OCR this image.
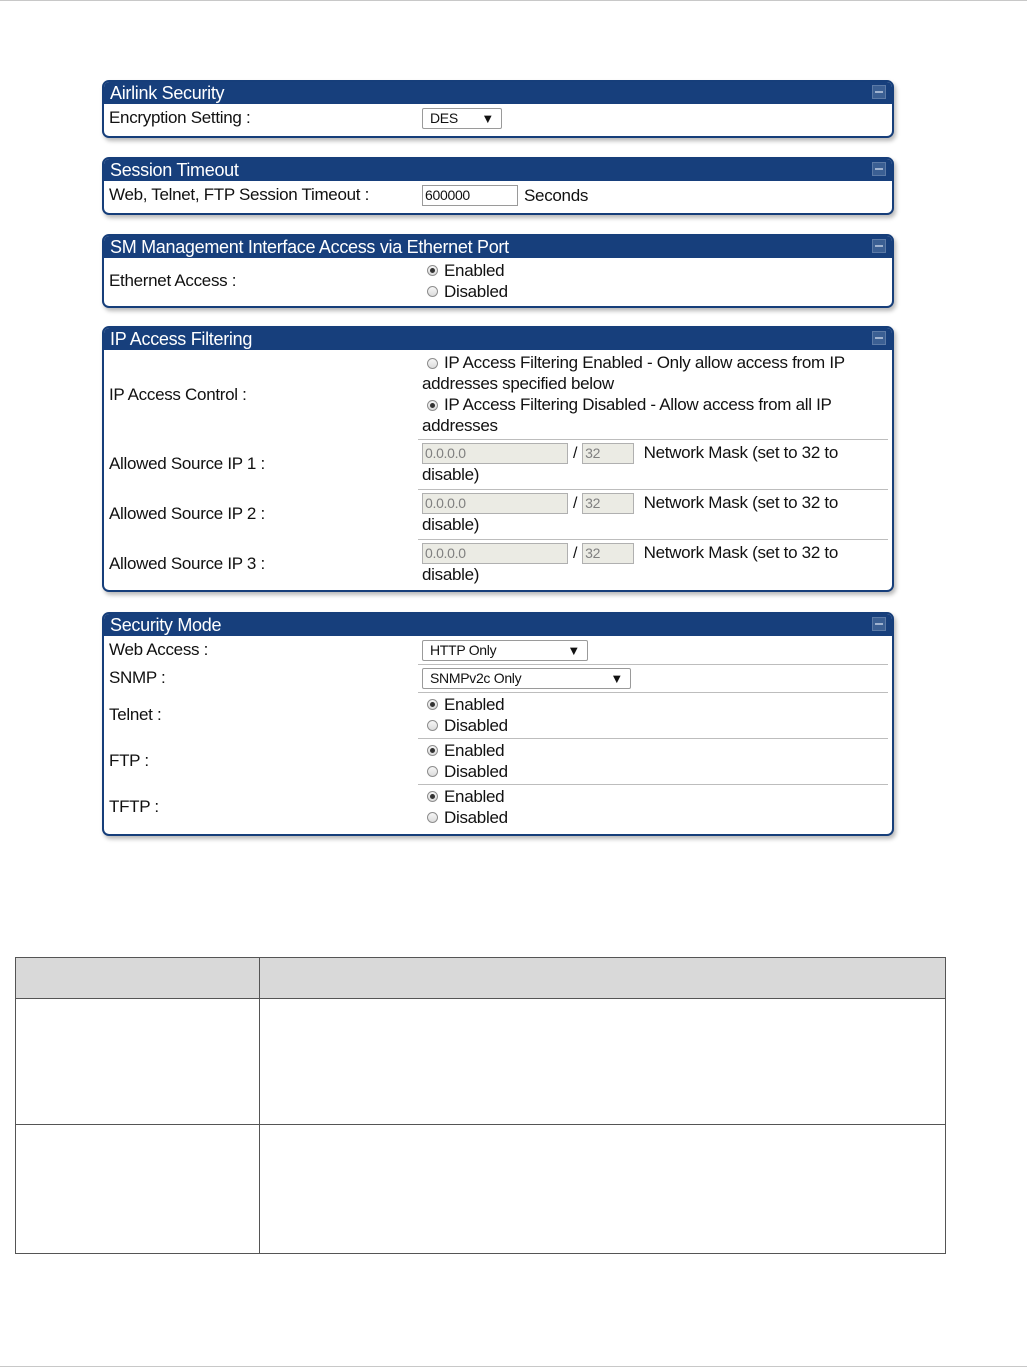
Airlink Security
Encryption Setting :	DES ▼
Session Timeout
Web, Telnet, FTP Session Timeout :	600000	Seconds
SM Management Interface Access via Ethernet Port
Ethernet Access :
Enabled
Disabled
IP Access Filtering
IP Access Control :
IP Access Filtering Enabled - Only allow access from IP addresses specified below
IP Access Filtering Disabled - Allow access from all IP addresses
Allowed Source IP 1 :
0.0.0.0	/ 32	Network Mask (set to 32 to disable)
Allowed Source IP 2 :
0.0.0.0	/ 32	Network Mask (set to 32 to disable)
Allowed Source IP 3 :
0.0.0.0	/ 32	Network Mask (set to 32 to disable)
Security Mode
Web Access :	HTTP Only	▼
SNMP :	SNMPv2c Only	▼
Telnet :
Enabled
Disabled
FTP :
Enabled
Disabled
TFTP :
Enabled
Disabled
